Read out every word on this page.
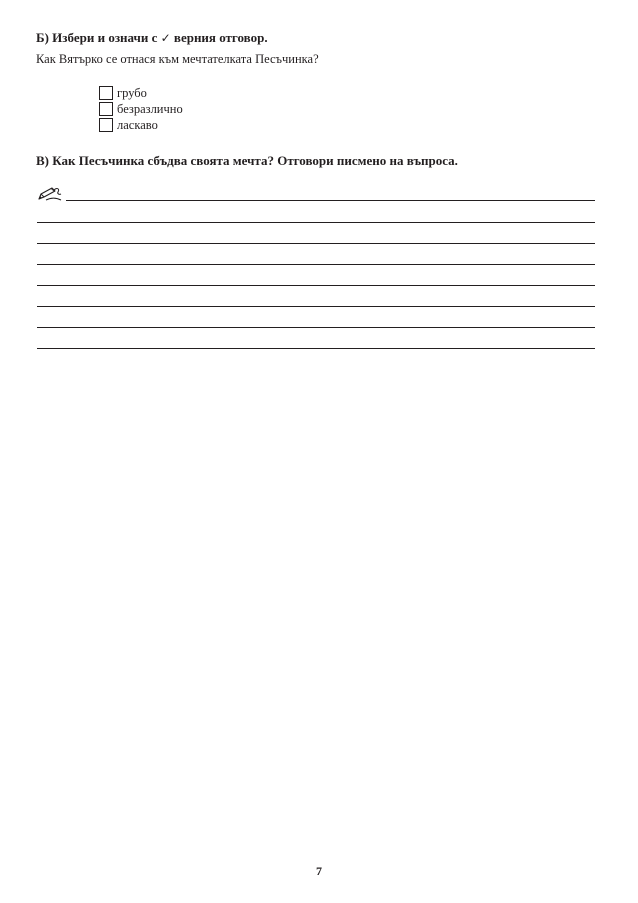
Б) Избери и означи с ✓ верния отговор.
Как Вятърко се отнася към мечтателката Песъчинка?
грубо
безразлично
ласкаво
В) Как Песъчинка сбъдва своята мечта? Отговори писмено на въпроса.
7
